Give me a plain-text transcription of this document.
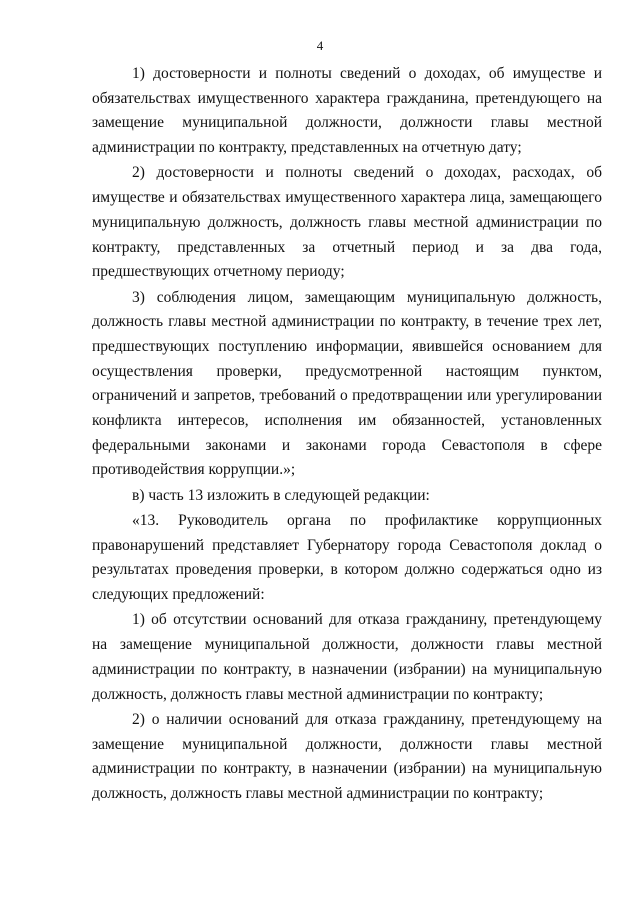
4

1) достоверности и полноты сведений о доходах, об имуществе и обязательствах имущественного характера гражданина, претендующего на замещение муниципальной должности, должности главы местной администрации по контракту, представленных на отчетную дату;

2) достоверности и полноты сведений о доходах, расходах, об имуществе и обязательствах имущественного характера лица, замещающего муниципальную должность, должность главы местной администрации по контракту, представленных за отчетный период и за два года, предшествующих отчетному периоду;

3) соблюдения лицом, замещающим муниципальную должность, должность главы местной администрации по контракту, в течение трех лет, предшествующих поступлению информации, явившейся основанием для осуществления проверки, предусмотренной настоящим пунктом, ограничений и запретов, требований о предотвращении или урегулировании конфликта интересов, исполнения им обязанностей, установленных федеральными законами и законами города Севастополя в сфере противодействия коррупции.»;

в) часть 13 изложить в следующей редакции:

«13. Руководитель органа по профилактике коррупционных правонарушений представляет Губернатору города Севастополя доклад о результатах проведения проверки, в котором должно содержаться одно из следующих предложений:

1) об отсутствии оснований для отказа гражданину, претендующему на замещение муниципальной должности, должности главы местной администрации по контракту, в назначении (избрании) на муниципальную должность, должность главы местной администрации по контракту;

2) о наличии оснований для отказа гражданину, претендующему на замещение муниципальной должности, должности главы местной администрации по контракту, в назначении (избрании) на муниципальную должность, должность главы местной администрации по контракту;
